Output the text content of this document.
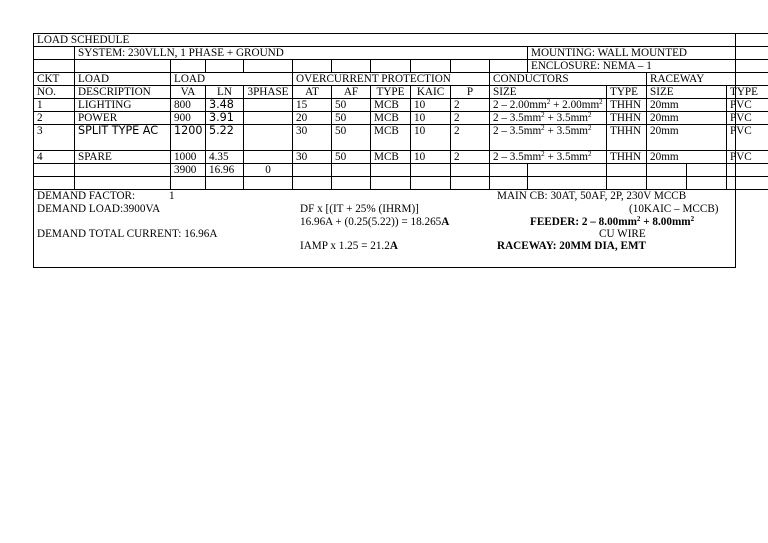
LOAD SCHEDULE															
	SYSTEM: 230VLLN, 1 PHASE + GROUND										MOUNTING: WALL MOUNTED				
											ENCLOSURE: NEMA – 1				
CKT	LOAD	LOAD			OVERCURRENT PROTECTION					CONDUCTORS			RACEWAY		
NO.	DESCRIPTION	VA	LN	3PHASE	AT	AF	TYPE	KAIC	P	SIZE		TYPE	SIZE		TYPE
1	LIGHTING	800	3.48		15	50	MCB	10	2	$2 - 2.00mm^2 + 2.00mm^2$		THHN	20mm		PVC
2	POWER	900	3.91		20	50	MCB	10	2	$2 - 3.5mm^2 + 3.5mm^2$		THHN	20mm		PVC
3	SPLIT TYPE AC	1200	5.22		30	50	MCB	10	2	$2 - 3.5mm^2 + 3.5mm^2$		THHN	20mm		PVC
4	SPARE	1000	4.35		30	50	MCB	10	2	$2 - 3.5mm^2 + 3.5mm^2$		THHN	20mm		PVC
		3900	16.96	0											

DEMAND FACTOR:	1
DEMAND LOAD:3900VA
DEMAND TOTAL CURRENT: 16.96A
DF x [(IT + 25% (IHRM)]
16.96A + (0.25(5.22)) = 18.265A
IAMP x 1.25 = 21.2A
MAIN CB: 30AT, 50AF, 2P, 230V MCCB
(10KAIC – MCCB)
FEEDER: $2 - 8.00mm^2 + 8.00mm^2$
CU WIRE
RACEWAY: 20MM DIA, EMT
